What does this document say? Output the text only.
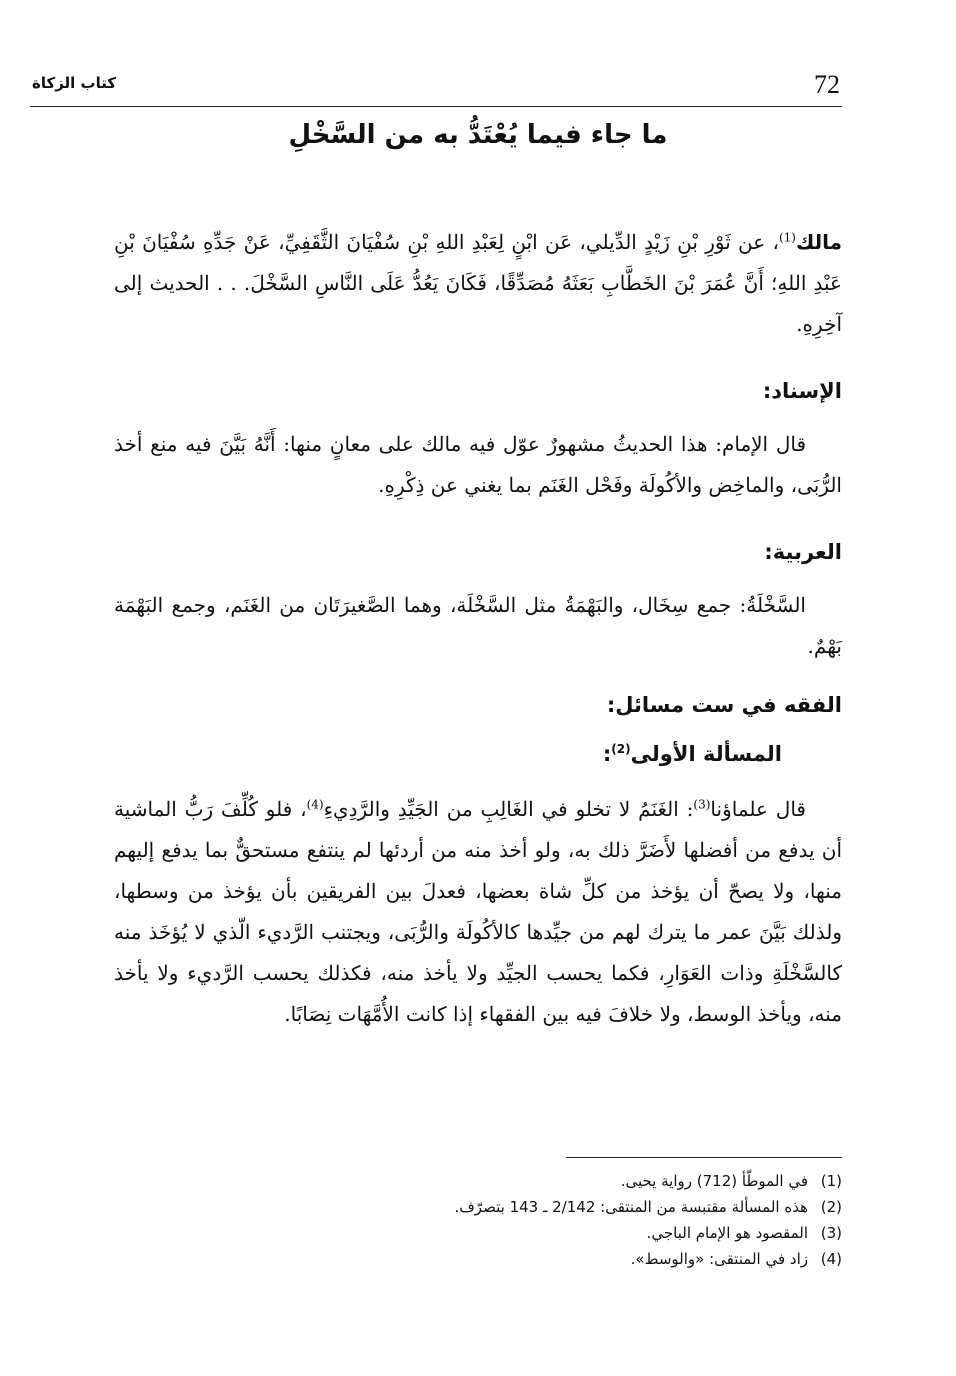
72
كتاب الزكاة
ما جاء فيما يُعْتَدُّ به من السَّخْلِ

مالك$^{(1)}$، عن ثَوْرِ بْنِ زَيْدٍ الدِّيلي، عَن ابْنٍ لِعَبْدِ اللهِ بْنِ سُفْيَانَ الثَّقَفِيِّ، عَنْ جَدِّهِ سُفْيَانَ بْنِ عَبْدِ اللهِ؛ أَنَّ عُمَرَ بْنَ الخَطَّابِ بَعَثَهُ مُصَدِّقًا، فَكَانَ يَعُدُّ عَلَى النَّاسِ السَّخْلَ. . . الحديث إلى آخِرِهِ.

الإسناد:

قال الإمام: هذا الحديثُ مشهورٌ عوّل فيه مالك على معانٍ منها: أَنَّهُ بَيَّنَ فيه منع أخذ الرُّبَى، والماخِض والأكُولَة وفَحْل الغَنَم بما يغني عن ذِكْرِهِ.

العربية:

السَّخْلَةُ: جمع سِخَال، والبَهْمَةُ مثل السَّخْلَة، وهما الصَّغيرَتَان من الغَنَم، وجمع البَهْمَة بَهْمٌ.

الفقه في ست مسائل:

المسألة الأولى$^{(2)}$:

قال علماؤنا$^{(3)}$: الغَنَمُ لا تخلو في الغَالِبِ من الجَيِّدِ والرَّدِيءِ$^{(4)}$، فلو كُلِّفَ رَبُّ الماشية أن يدفع من أفضلها لأَضَرَّ ذلك به، ولو أخذ منه من أردئها لم ينتفع مستحقٌّ بما يدفع إليهم منها، ولا يصحّ أن يؤخذ من كلِّ شاة بعضها، فعدلَ بين الفريقين بأن يؤخذ من وسطها، ولذلك بَيَّنَ عمر ما يترك لهم من جيِّدها كالأكُولَة والرُّبَى، ويجتنب الرَّديء الّذي لا يُؤخَذ منه كالسَّخْلَةِ وذات العَوَارِ، فكما يحسب الجيِّد ولا يأخذ منه، فكذلك يحسب الرَّديء ولا يأخذ منه، ويأخذ الوسط، ولا خلافَ فيه بين الفقهاء إذا كانت الأُمَّهَات نِصَابًا.

(1)في الموطّأ (712) رواية يحيى.
(2)هذه المسألة مقتبسة من المنتقى: 2/142 ـ 143 بتصرّف.
(3)المقصود هو الإمام الباجي.
(4)زاد في المنتقى: «والوسط».
